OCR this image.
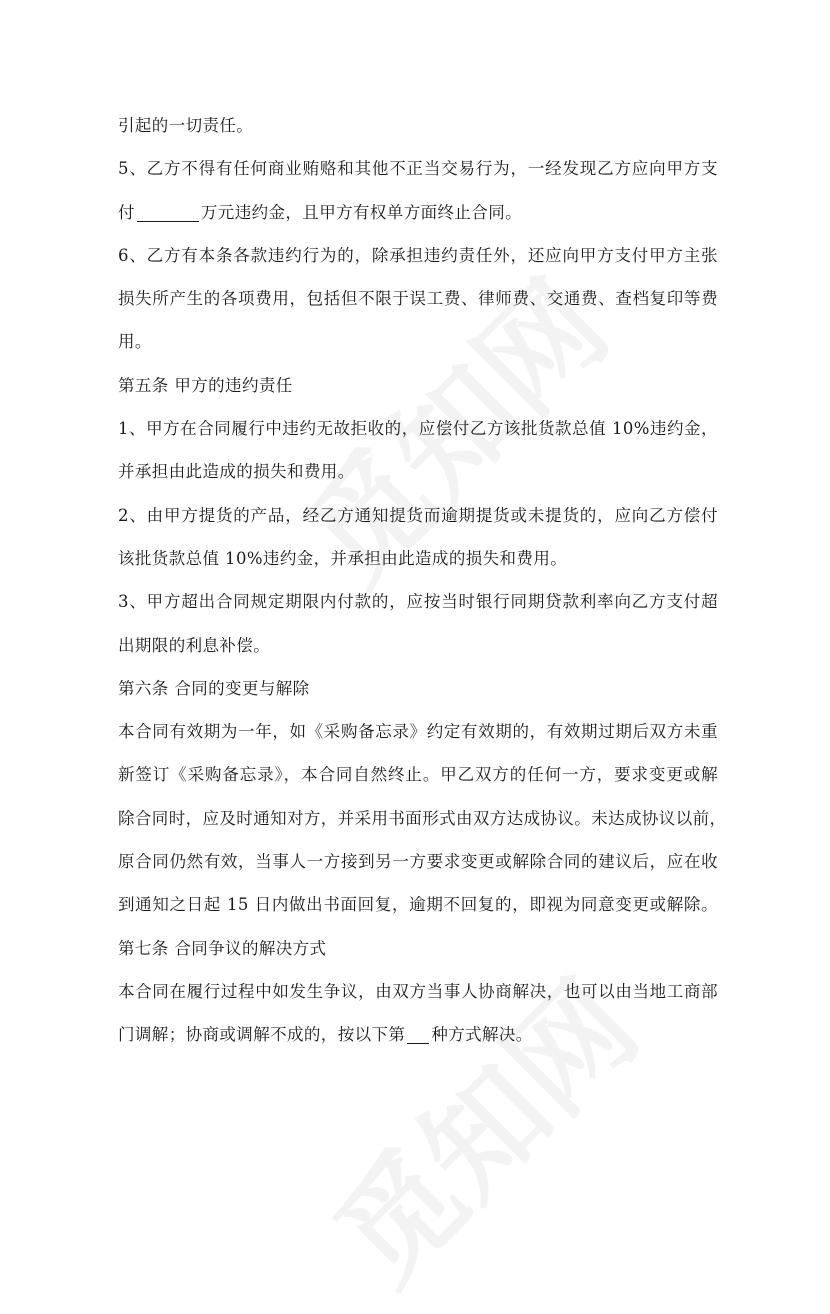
引起的一切责任。
5、乙方不得有任何商业贿赂和其他不正当交易行为，一经发现乙方应向甲方支
付	万元违约金，且甲方有权单方面终止合同。
6、乙方有本条各款违约行为的，除承担违约责任外，还应向甲方支付甲方主张
损失所产生的各项费用，包括但不限于误工费、律师费、交通费、查档复印等费
用。
第五条 甲方的违约责任
1、甲方在合同履行中违约无故拒收的，应偿付乙方该批货款总值 10%违约金，
并承担由此造成的损失和费用。
2、由甲方提货的产品，经乙方通知提货而逾期提货或未提货的，应向乙方偿付
该批货款总值 10%违约金，并承担由此造成的损失和费用。
3、甲方超出合同规定期限内付款的，应按当时银行同期贷款利率向乙方支付超
出期限的利息补偿。
第六条 合同的变更与解除
本合同有效期为一年，如《采购备忘录》约定有效期的，有效期过期后双方未重
新签订《采购备忘录》，本合同自然终止。甲乙双方的任何一方，要求变更或解
除合同时，应及时通知对方，并采用书面形式由双方达成协议。未达成协议以前，
原合同仍然有效，当事人一方接到另一方要求变更或解除合同的建议后，应在收
到通知之日起 15 日内做出书面回复，逾期不回复的，即视为同意变更或解除。
第七条 合同争议的解决方式
本合同在履行过程中如发生争议，由双方当事人协商解决，也可以由当地工商部
门调解；协商或调解不成的，按以下第 种方式解决。
